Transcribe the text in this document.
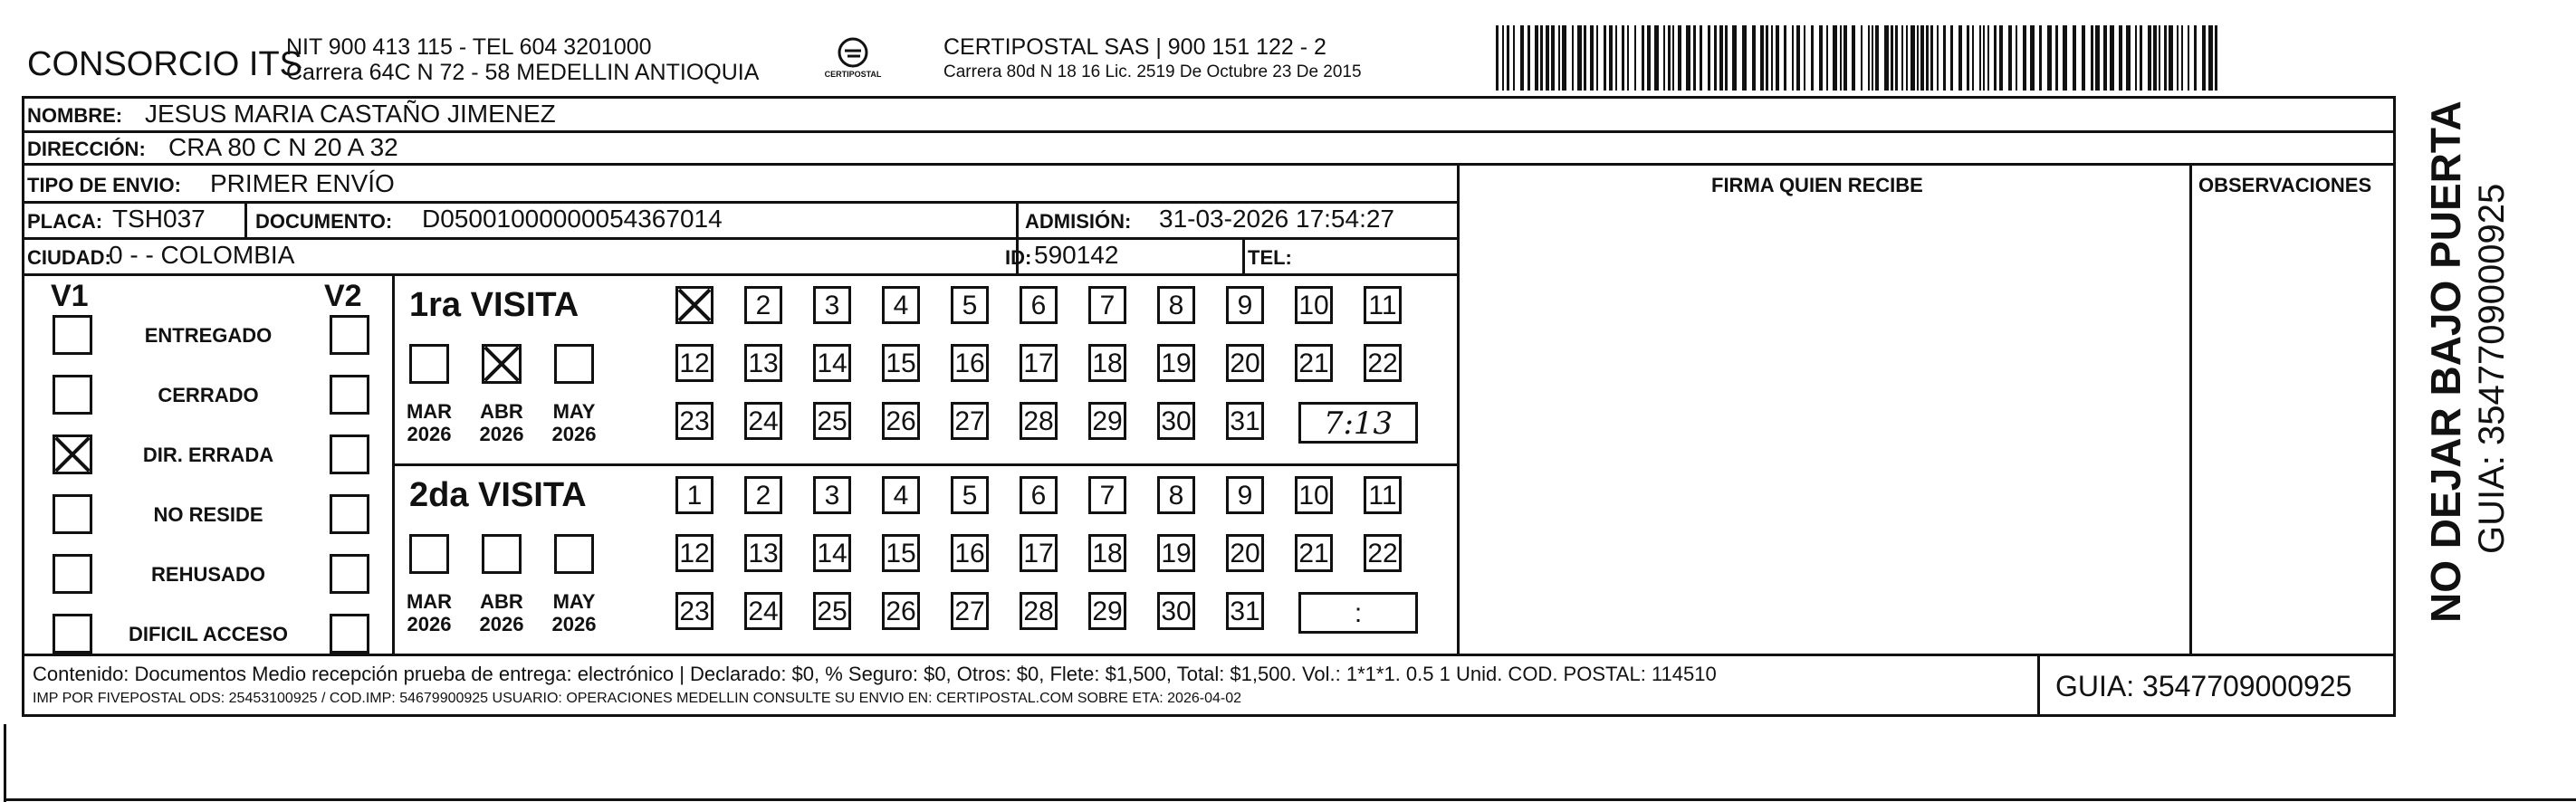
CONSORCIO ITS
NIT 900 413 115 - TEL 604 3201000
Carrera 64C N 72 - 58 MEDELLIN ANTIOQUIA	CERTIPOSTAL
CERTIPOSTAL SAS | 900 151 122 - 2
Carrera 80d N 18 16 Lic. 2519 De Octubre 23 De 2015
NOMBRE: JESUS MARIA CASTAÑO JIMENEZ
DIRECCIÓN: CRA 80 C N 20 A 32
TIPO DE ENVIO: PRIMER ENVÍO	FIRMA QUIEN RECIBE	OBSERVACIONES
PLACA: TSH037	DOCUMENTO: D05001000000054367014	ADMISIÓN: 31-03-2026 17:54:27
CIUDAD:
0 - - COLOMBIA	ID: 590142	TEL:
V1	V2
ENTREGADO
CERRADO
DIR. ERRADA
NO RESIDE
REHUSADO
DIFICIL ACCESO
1ra VISITA
MAR
2026
ABR
2026
MAY
2026
2	3	4	5	6	7	8	9	10 11
12 13 14 15 16 17 18 19 20 21 22
23 24 25 26 27 28 29 30 31	7:13
2da VISITA
MAR
2026
ABR
2026
MAY
2026
1	2	3	4	5	6	7	8	9	10 11
12 13 14 15 16 17 18 19 20 21 22
23 24 25 26 27 28 29 30 31	:
Contenido: Documentos Medio recepción prueba de entrega: electrónico | Declarado: $0, % Seguro: $0, Otros: $0, Flete: $1,500, Total: $1,500. Vol.: 1*1*1. 0.5 1 Unid. COD. POSTAL: 114510
IMP POR FIVEPOSTAL ODS: 25453100925 / COD.IMP: 54679900925 USUARIO: OPERACIONES MEDELLIN CONSULTE SU ENVIO EN: CERTIPOSTAL.COM SOBRE ETA: 2026-04-02	GUIA: 3547709000925
NO DEJAR BAJO PUERTA GUIA: 3547709000925
